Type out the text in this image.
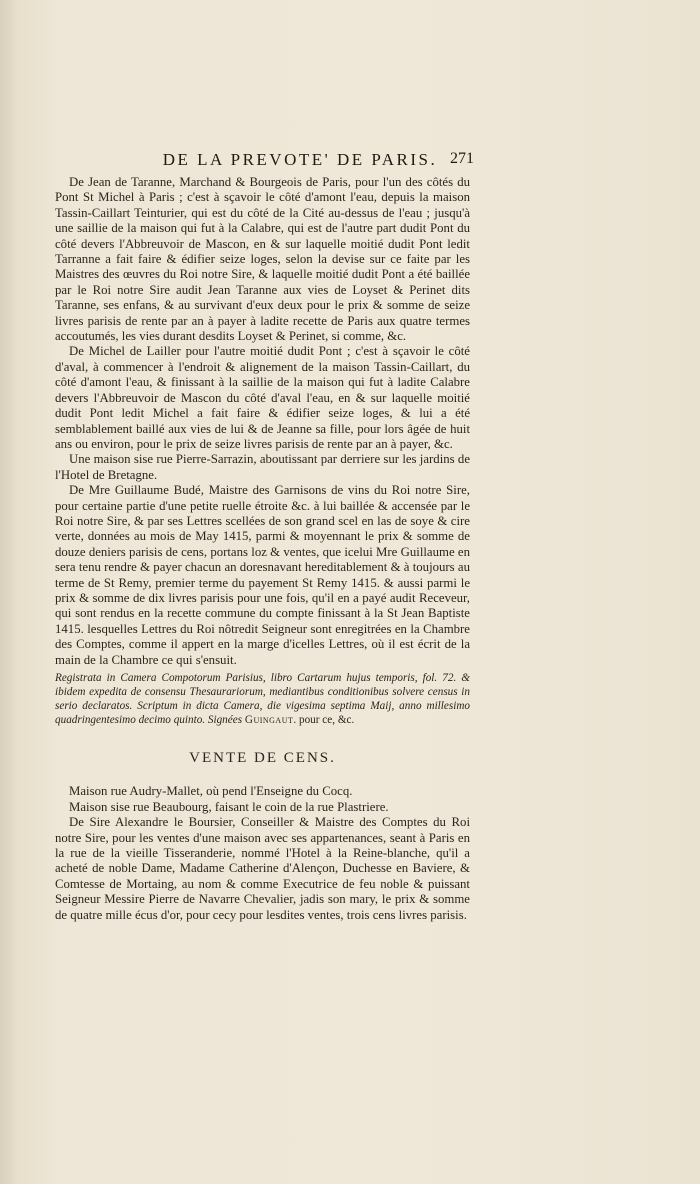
DE LA PREVOTE' DE PARIS. 271

De Jean de Taranne, Marchand & Bourgeois de Paris, pour l'un des côtés du Pont St Michel à Paris ; c'est à sçavoir le côté d'amont l'eau, depuis la maison Tassin-Caillart Teinturier, qui est du côté de la Cité au-dessus de l'eau ; jusqu'à une saillie de la maison qui fut à la Calabre, qui est de l'autre part dudit Pont du côté devers l'Abbreuvoir de Mascon, en & sur laquelle moitié dudit Pont ledit Tarranne a fait faire & édifier seize loges, selon la devise sur ce faite par les Maistres des œuvres du Roi notre Sire, & laquelle moitié dudit Pont a été baillée par le Roi notre Sire audit Jean Taranne aux vies de Loyset & Perinet dits Taranne, ses enfans, & au survivant d'eux deux pour le prix & somme de seize livres parisis de rente par an à payer à ladite recette de Paris aux quatre termes accoutumés, les vies durant desdits Loyset & Perinet, si comme, &c.

De Michel de Lailler pour l'autre moitié dudit Pont ; c'est à sçavoir le côté d'aval, à commencer à l'endroit & alignement de la maison Tassin-Caillart, du côté d'amont l'eau, & finissant à la saillie de la maison qui fut à ladite Calabre devers l'Abbreuvoir de Mascon du côté d'aval l'eau, en & sur laquelle moitié dudit Pont ledit Michel a fait faire & édifier seize loges, & lui a été semblablement baillé aux vies de lui & de Jeanne sa fille, pour lors âgée de huit ans ou environ, pour le prix de seize livres parisis de rente par an à payer, &c.

Une maison sise rue Pierre-Sarrazin, aboutissant par derriere sur les jardins de l'Hotel de Bretagne.

De Mre Guillaume Budé, Maistre des Garnisons de vins du Roi notre Sire, pour certaine partie d'une petite ruelle étroite &c. à lui baillée & accensée par le Roi notre Sire, & par ses Lettres scellées de son grand scel en las de soye & cire verte, données au mois de May 1415, parmi & moyennant le prix & somme de douze deniers parisis de cens, portans loz & ventes, que icelui Mre Guillaume en sera tenu rendre & payer chacun an doresnavant hereditablement & à toujours au terme de St Remy, premier terme du payement St Remy 1415. & aussi parmi le prix & somme de dix livres parisis pour une fois, qu'il en a payé audit Receveur, qui sont rendus en la recette commune du compte finissant à la St Jean Baptiste 1415. lesquelles Lettres du Roi nôtredit Seigneur sont enregitrées en la Chambre des Comptes, comme il appert en la marge d'icelles Lettres, où il est écrit de la main de la Chambre ce qui s'ensuit.

Registrata in Camera Compotorum Parisius, libro Cartarum hujus temporis, fol. 72. & ibidem expedita de consensu Thesaurariorum, mediantibus conditionibus solvere census in serio declaratos. Scriptum in dicta Camera, die vigesima septima Maij, anno millesimo quadringentesimo decimo quinto. Signées Guingaut. pour ce, &c.

VENTE DE CENS.

Maison rue Audry-Mallet, où pend l'Enseigne du Cocq.

Maison sise rue Beaubourg, faisant le coin de la rue Plastriere.

De Sire Alexandre le Boursier, Conseiller & Maistre des Comptes du Roi notre Sire, pour les ventes d'une maison avec ses appartenances, seant à Paris en la rue de la vieille Tisseranderie, nommé l'Hotel à la Reine-blanche, qu'il a acheté de noble Dame, Madame Catherine d'Alençon, Duchesse en Baviere, & Comtesse de Mortaing, au nom & comme Executrice de feu noble & puissant Seigneur Messire Pierre de Navarre Chevalier, jadis son mary, le prix & somme de quatre mille écus d'or, pour cecy pour lesdites ventes, trois cens livres parisis.
